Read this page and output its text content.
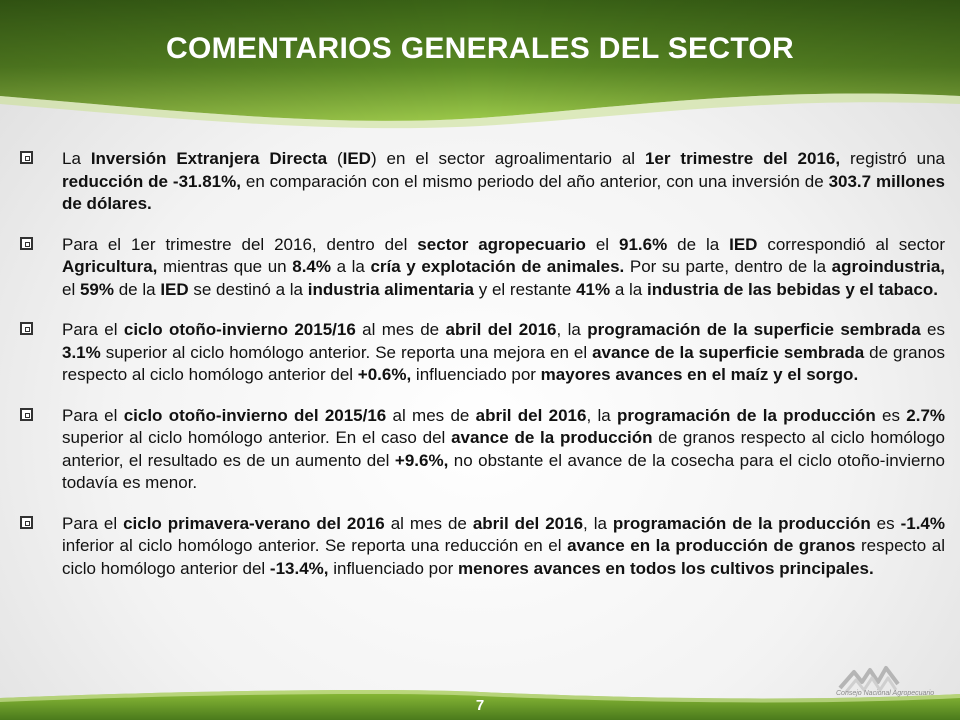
COMENTARIOS GENERALES DEL SECTOR
La Inversión Extranjera Directa (IED) en el sector agroalimentario al 1er trimestre del 2016, registró una reducción de -31.81%, en comparación con el mismo periodo del año anterior, con una inversión de 303.7 millones de dólares.
Para el 1er trimestre del 2016, dentro del sector agropecuario el 91.6% de la IED correspondió al sector Agricultura, mientras que un 8.4% a la cría y explotación de animales. Por su parte, dentro de la agroindustria, el 59% de la IED se destinó a la industria alimentaria y el restante 41% a la industria de las bebidas y el tabaco.
Para el ciclo otoño-invierno 2015/16 al mes de abril del 2016, la programación de la superficie sembrada es 3.1% superior al ciclo homólogo anterior. Se reporta una mejora en el avance de la superficie sembrada de granos respecto al ciclo homólogo anterior del +0.6%, influenciado por mayores avances en el maíz y el sorgo.
Para el ciclo otoño-invierno del 2015/16 al mes de abril del 2016, la programación de la producción es 2.7% superior al ciclo homólogo anterior. En el caso del avance de la producción de granos respecto al ciclo homólogo anterior, el resultado es de un aumento del +9.6%, no obstante el avance de la cosecha para el ciclo otoño-invierno todavía es menor.
Para el ciclo primavera-verano del 2016 al mes de abril del 2016, la programación de la producción es -1.4% inferior al ciclo homólogo anterior. Se reporta una reducción en el avance en la producción de granos respecto al ciclo homólogo anterior del -13.4%, influenciado por menores avances en todos los cultivos principales.
Consejo Nacional Agropecuario
7
